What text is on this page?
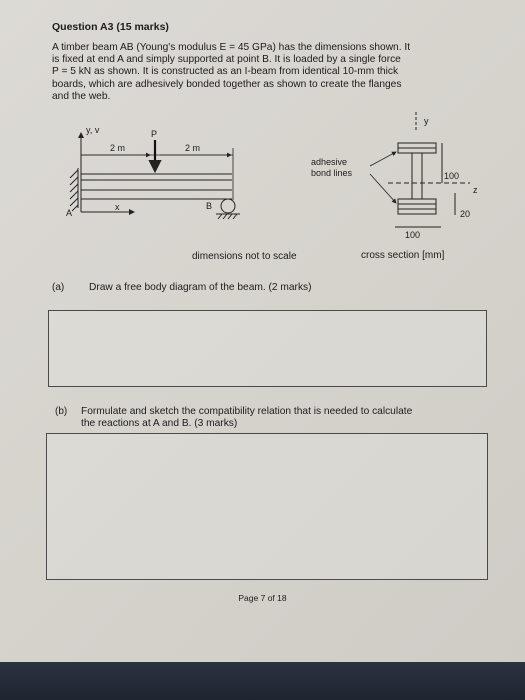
Question A3 (15 marks)

A timber beam AB (Young's modulus E = 45 GPa) has the dimensions shown. It

is fixed at end A and simply supported at point B. It is loaded by a single force

P = 5 kN as shown. It is constructed as an I-beam from identical 10-mm thick

boards, which are adhesively bonded together as shown to create the flanges

and the web.

y, v
x
2 m	2 m
P
A
B
y
z
adhesive
bond lines	100
20
100
dimensions not to scale	cross section [mm]
(a) Draw a free body diagram of the beam. (2 marks)
(b) Formulate and sketch the compatibility relation that is needed to calculate
the reactions at A and B. (3 marks)
Page 7 of 18
